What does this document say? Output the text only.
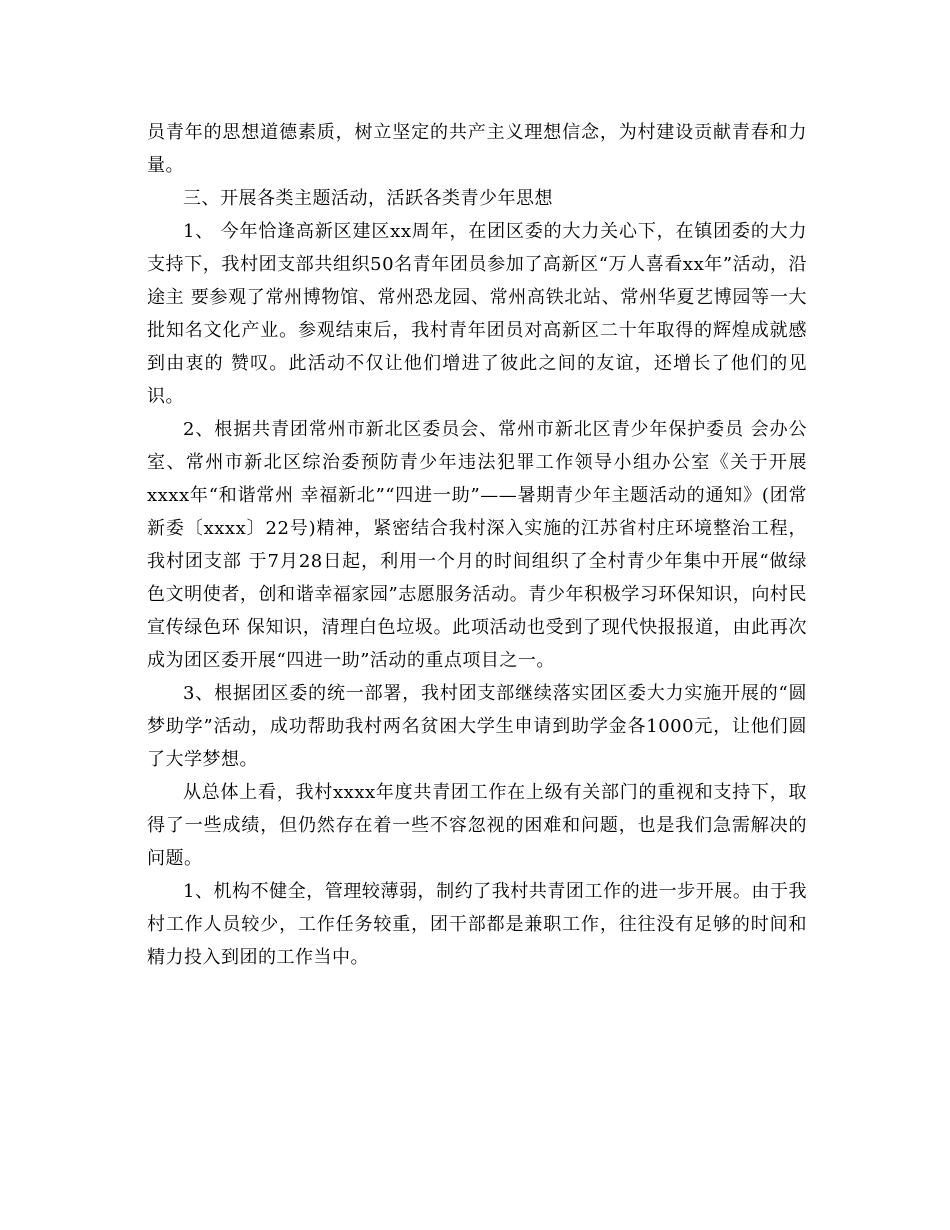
员青年的思想道德素质，树立坚定的共产主义理想信念，为村建设贡献青春和力量。

三、开展各类主题活动，活跃各类青少年思想

1、 今年恰逢高新区建区xx周年，在团区委的大力关心下，在镇团委的大力支持下，我村团支部共组织50名青年团员参加了高新区“万人喜看xx年”活动，沿途主 要参观了常州博物馆、常州恐龙园、常州高铁北站、常州华夏艺博园等一大批知名文化产业。参观结束后，我村青年团员对高新区二十年取得的辉煌成就感到由衷的 赞叹。此活动不仅让他们增进了彼此之间的友谊，还增长了他们的见识。

2、根据共青团常州市新北区委员会、常州市新北区青少年保护委员 会办公室、常州市新北区综治委预防青少年违法犯罪工作领导小组办公室《关于开展xxxx年“和谐常州 幸福新北”“四进一助”——暑期青少年主题活动的通知》(团常新委〔xxxx〕22号)精神，紧密结合我村深入实施的江苏省村庄环境整治工程，我村团支部 于7月28日起，利用一个月的时间组织了全村青少年集中开展“做绿色文明使者，创和谐幸福家园”志愿服务活动。青少年积极学习环保知识，向村民宣传绿色环 保知识，清理白色垃圾。此项活动也受到了现代快报报道，由此再次成为团区委开展“四进一助”活动的重点项目之一。

3、根据团区委的统一部署，我村团支部继续落实团区委大力实施开展的“圆梦助学”活动，成功帮助我村两名贫困大学生申请到助学金各1000元，让他们圆了大学梦想。

从总体上看，我村xxxx年度共青团工作在上级有关部门的重视和支持下，取得了一些成绩，但仍然存在着一些不容忽视的困难和问题，也是我们急需解决的问题。

1、机构不健全，管理较薄弱，制约了我村共青团工作的进一步开展。由于我村工作人员较少，工作任务较重，团干部都是兼职工作，往往没有足够的时间和精力投入到团的工作当中。
